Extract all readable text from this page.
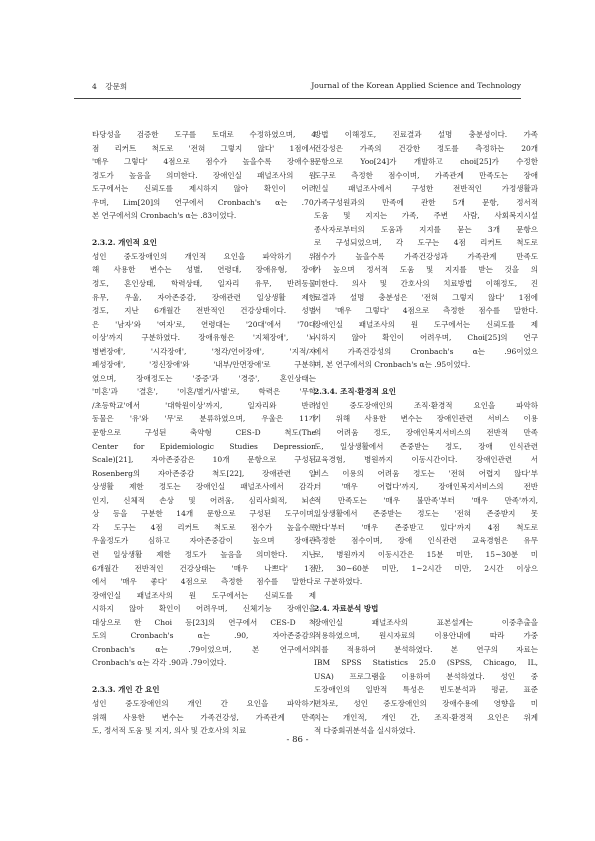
4 강문희	Journal of the Korean Applied Science and Technology

타당성을 검증한 도구를 토대로 수정하였으며, 4
점 리커트 척도로 '전혀 그렇지 않다' 1점에서
'매우 그렇다' 4점으로 점수가 높을수록 장애수용
정도가 높음을 의미한다. 장애인실 패널조사의 원
도구에서는 신뢰도를 제시하지 않아 확인이 어려
우며, Lim[20]의 연구에서 Cronbach's α는 .70,
본 연구에서의 Cronbach's α는 .83이었다.

2.3.2. 개인적 요인

성인 중도장애인의 개인적 요인을 파악하기 위
해 사용한 변수는 성별, 연령대, 장애유형, 장애
정도, 혼인상태, 학력상태, 일자리 유무, 반려동물
유무, 우울, 자아존중감, 장애관련 일상생활 제한
정도, 지난 6개월간 전반적인 건강상태이다. 성별
은 '남자'와 '여자'로, 연령대는 '20대'에서 '70대
이상'까지 구분하였다. 장애유형은 '지체장애', '뇌
병변장애', '시각장애', '청각/언어장애', '지적/자
폐성장애', '정신장애'와 '내부/안면장애'로 구분하
였으며, 장애정도는 '중증'과 '경증', 혼인상태는
'미혼'과 '결혼', '이혼/별거/사별'로, 학력은 '무학
/초등학교'에서 '대학원이상'까지, 일자리와 반려
동물은 '유'와 '무'로 분류하였으며, 우울은 11개
문항으로 구성된 축약형 CES-D 척도(The
Center for Epidemiologic Studies Depression
Scale)[21], 자아존중감은 10개 문항으로 구성된
Rosenberg의 자아존중감 척도[22], 장애관련 일
상생활 제한 정도는 장애인실 패널조사에서 감각,
인지, 신체적 손상 및 어려움, 심리사회적, 뇌손
상 등을 구분한 14개 문항으로 구성된 도구이며,
각 도구는 4점 리커트 척도로 점수가 높을수록
우울정도가 심하고 자아존중감이 높으며 장애관
련 일상생활 제한 정도가 높음을 의미한다. 지난
6개월간 전반적인 건강상태는 '매우 나쁘다' 1점
에서 '매우 좋다' 4점으로 측정한 점수를 말한다.
장애인실 패널조사의 원 도구에서는 신뢰도를 제
시하지 않아 확인이 어려우며, 신체기능 장애인을
대상으로 한 Choi 등[23]의 연구에서 CES-D 척
도의 Cronbach's α는 .90, 자아존중감의
Cronbach's α는 .79이었으며, 본 연구에서의
Cronbach's α는 각각 .90과 .79이었다.

2.3.3. 개인 간 요인

성인 중도장애인의 개인 간 요인을 파악하기
위해 사용한 변수는 가족건강성, 가족관계 만족
도, 정서적 도움 및 지지, 의사 및 간호사의 치료

방법 이해정도, 진료결과 설명 충분성이다. 가족
건강성은 가족의 건강한 정도를 측정하는 20개
문항으로 Yoo[24]가 개발하고 choi[25]가 수정한
도구로 측정한 점수이며, 가족관계 만족도는 장애
인실 패널조사에서 구성한 전반적인 가정생활과
가족구성원과의 만족에 관한 5개 문항, 정서적
도움 및 지지는 가족, 주변 사람, 사회복지시설
종사자로부터의 도움과 지지를 묻는 3개 문항으
로 구성되었으며, 각 도구는 4점 리커트 척도로
점수가 높을수록 가족건강성과 가족관계 만족도
가 높으며 정서적 도움 및 지지를 받는 것을 의
미한다. 의사 및 간호사의 치료방법 이해정도, 진
료결과 설명 충분성은 '전혀 그렇지 않다' 1점에
서 '매우 그렇다' 4점으로 측정한 점수를 말한다.
장애인실 패널조사의 원 도구에서는 신뢰도를 제
시하지 않아 확인이 어려우며, Choi[25]의 연구
에서 가족건강성의 Cronbach's α는 .96이었으
며, 본 연구에서의 Cronbach's α는 .95이었다.

2.3.4. 조직·환경적 요인

성인 중도장애인의 조직·환경적 요인을 파악하
기 위해 사용한 변수는 장애인관련 서비스 이용
의 어려움 정도, 장애인복지서비스의 전반적 만족
도, 일상생활에서 존중받는 정도, 장애 인식관련
교육경험, 병원까지 이동시간이다. 장애인관련 서
비스 이용의 어려움 정도는 '전혀 어렵지 않다'부
터 '매우 어렵다'까지, 장애인복지서비스의 전반
적 만족도는 '매우 불만족'부터 '매우 만족'까지,
일상생활에서 존중받는 정도는 '전혀 존중받지 못
한다'부터 '매우 존중받고 있다'까지 4점 척도로
측정한 점수이며, 장애 인식관련 교육경험은 유무
로, 병원까지 이동시간은 15분 미만, 15~30분 미
만, 30~60분 미만, 1~2시간 미만, 2시간 이상으
로 구분하였다.

2.4. 자료분석 방법

장애인실 패널조사의 표본설계는 이중추출을
적용하였으며, 원시자료의 이용안내에 따라 가중
치를 적용하여 분석하였다. 본 연구의 자료는
IBM SPSS Statistics 25.0 (SPSS, Chicago, IL,
USA) 프로그램을 이용하여 분석하였다. 성인 중
도장애인의 일반적 특성은 빈도분석과 평균, 표준
편차로, 성인 중도장애인의 장애수용에 영향을 미
치는 개인적, 개인 간, 조직·환경적 요인은 위계
적 다중회귀분석을 실시하였다.

- 86 -
